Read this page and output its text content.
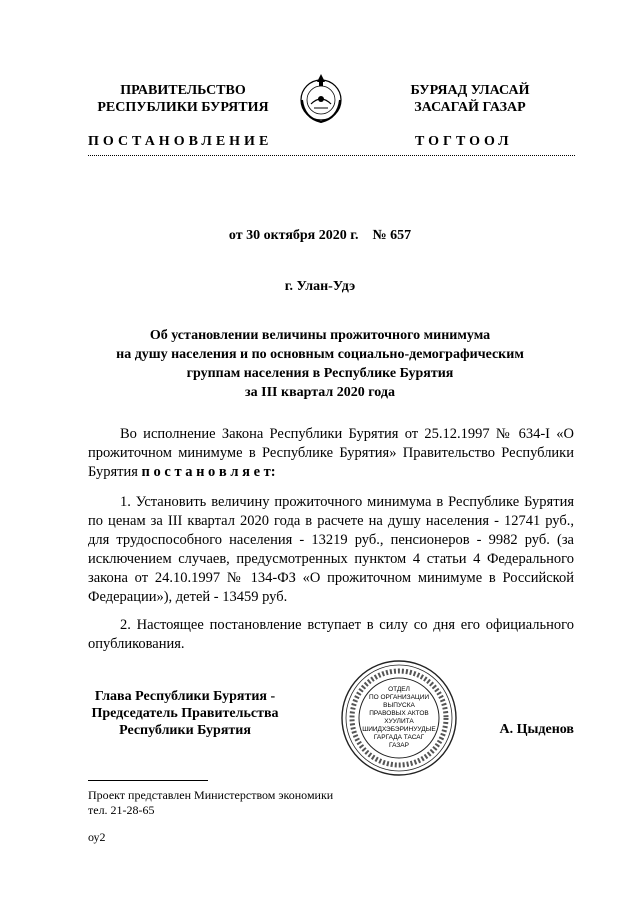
ПРАВИТЕЛЬСТВО
РЕСПУБЛИКИ БУРЯТИЯ
БУРЯАД УЛАСАЙ
ЗАСАГАЙ ГАЗАР
ПОСТАНОВЛЕНИЕ	ТОГТООЛ
от 30 октября 2020 г.    № 657
г. Улан-Удэ
Об установлении величины прожиточного минимума
на душу населения и по основным социально-демографическим
группам населения в Республике Бурятия
за III квартал 2020 года
Во исполнение Закона Республики Бурятия от 25.12.1997 № 634-I «О прожиточном минимуме в Республике Бурятия» Правительство Республики Бурятия п о с т а н о в л я е т:
1. Установить величину прожиточного минимума в Республике Бурятия по ценам за III квартал 2020 года в расчете на душу населения - 12741 руб., для трудоспособного населения - 13219 руб., пенсионеров - 9982 руб. (за исключением случаев, предусмотренных пунктом 4 статьи 4 Федерального закона от 24.10.1997 № 134-ФЗ «О прожиточном минимуме в Российской Федерации»), детей - 13459 руб.
2. Настоящее постановление вступает в силу со дня его официального опубликования.
Глава Республики Бурятия -
Председатель Правительства
Республики Бурятия
ОТДЕЛ
ПО ОРГАНИЗАЦИИ
ВЫПУСКА
ПРАВОВЫХ АКТОВ
ХУУЛИТА
ШИИДХЭБЭРИНУУДЫЕ
ГАРГАДА ТАСАГ
ГАЗАР
А. Цыденов
Проект представлен Министерством экономики
тел. 21-28-65
оу2
